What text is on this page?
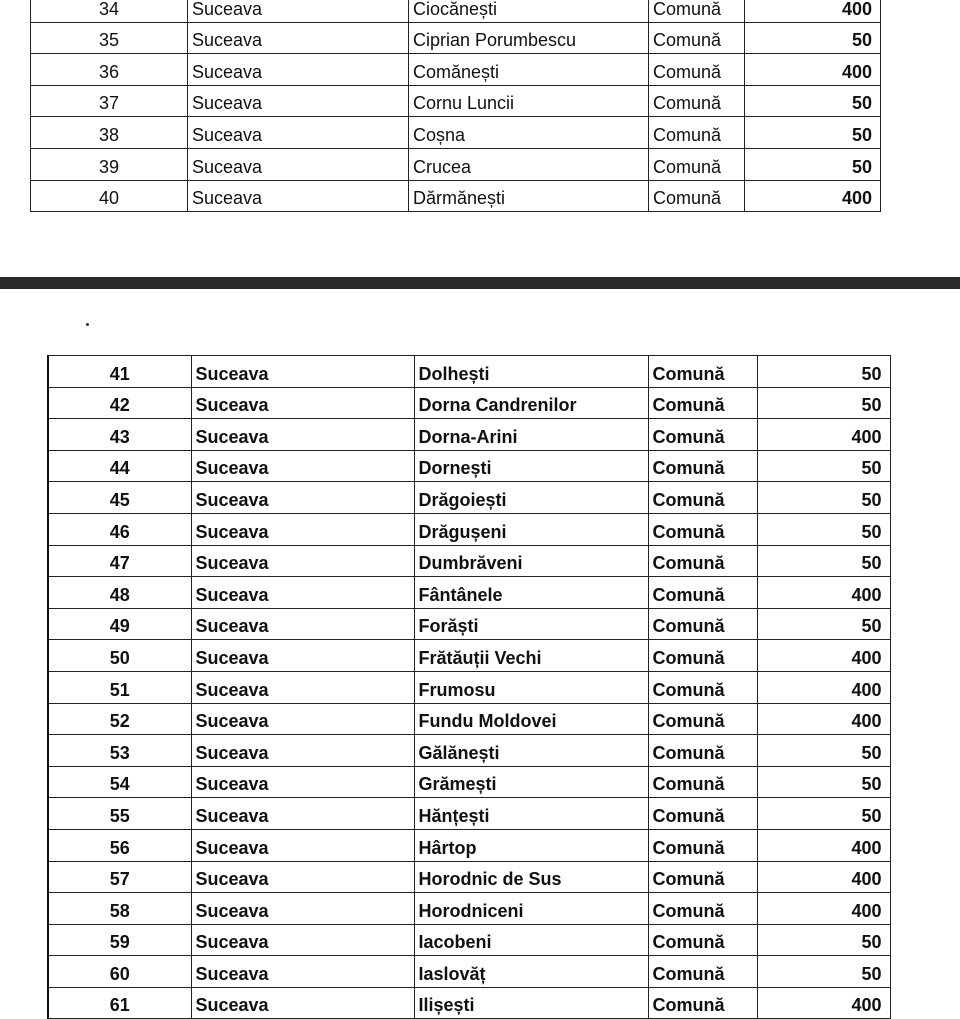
34	Suceava	Ciocănești	Comună	400
35	Suceava	Ciprian Porumbescu	Comună	50
36	Suceava	Comănești	Comună	400
37	Suceava	Cornu Luncii	Comună	50
38	Suceava	Coșna	Comună	50
39	Suceava	Crucea	Comună	50
40	Suceava	Dărmănești	Comună	400
41	Suceava	Dolhești	Comună	50
42	Suceava	Dorna Candrenilor	Comună	50
43	Suceava	Dorna-Arini	Comună	400
44	Suceava	Dornești	Comună	50
45	Suceava	Drăgoiești	Comună	50
46	Suceava	Drăgușeni	Comună	50
47	Suceava	Dumbrăveni	Comună	50
48	Suceava	Fântânele	Comună	400
49	Suceava	Forăști	Comună	50
50	Suceava	Frătăuții Vechi	Comună	400
51	Suceava	Frumosu	Comună	400
52	Suceava	Fundu Moldovei	Comună	400
53	Suceava	Gălănești	Comună	50
54	Suceava	Grămești	Comună	50
55	Suceava	Hănțești	Comună	50
56	Suceava	Hârtop	Comună	400
57	Suceava	Horodnic de Sus	Comună	400
58	Suceava	Horodniceni	Comună	400
59	Suceava	Iacobeni	Comună	50
60	Suceava	Iaslovăț	Comună	50
61	Suceava	Ilișești	Comună	400
